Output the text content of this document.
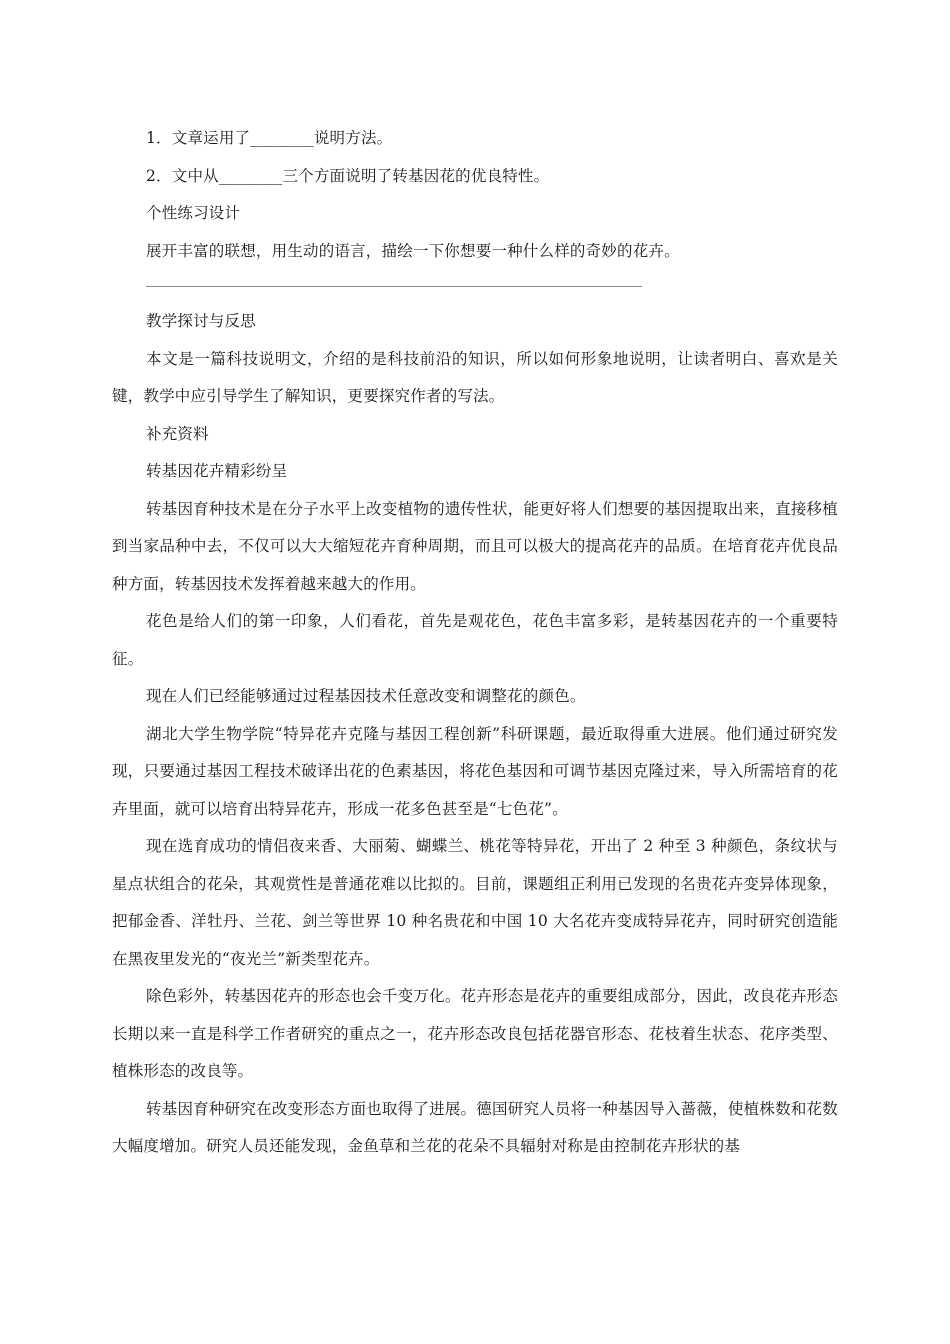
1．文章运用了________说明方法。

2．文中从________三个方面说明了转基因花的优良特性。

个性练习设计

展开丰富的联想，用生动的语言，描绘一下你想要一种什么样的奇妙的花卉。

教学探讨与反思

本文是一篇科技说明文，介绍的是科技前沿的知识，所以如何形象地说明，让读者明白、喜欢是关键，教学中应引导学生了解知识，更要探究作者的写法。

补充资料

转基因花卉精彩纷呈

转基因育种技术是在分子水平上改变植物的遗传性状，能更好将人们想要的基因提取出来，直接移植到当家品种中去，不仅可以大大缩短花卉育种周期，而且可以极大的提高花卉的品质。在培育花卉优良品种方面，转基因技术发挥着越来越大的作用。

花色是给人们的第一印象，人们看花，首先是观花色，花色丰富多彩，是转基因花卉的一个重要特征。

现在人们已经能够通过过程基因技术任意改变和调整花的颜色。

湖北大学生物学院“特异花卉克隆与基因工程创新”科研课题，最近取得重大进展。他们通过研究发现，只要通过基因工程技术破译出花的色素基因，将花色基因和可调节基因克隆过来，导入所需培育的花卉里面，就可以培育出特异花卉，形成一花多色甚至是“七色花”。

现在选育成功的情侣夜来香、大丽菊、蝴蝶兰、桃花等特异花，开出了 2 种至 3 种颜色，条纹状与星点状组合的花朵，其观赏性是普通花难以比拟的。目前，课题组正利用已发现的名贵花卉变异体现象，把郁金香、洋牡丹、兰花、剑兰等世界 10 种名贵花和中国 10 大名花卉变成特异花卉，同时研究创造能在黑夜里发光的“夜光兰”新类型花卉。

除色彩外，转基因花卉的形态也会千变万化。花卉形态是花卉的重要组成部分，因此，改良花卉形态长期以来一直是科学工作者研究的重点之一，花卉形态改良包括花器官形态、花枝着生状态、花序类型、植株形态的改良等。

转基因育种研究在改变形态方面也取得了进展。德国研究人员将一种基因导入蔷薇，使植株数和花数大幅度增加。研究人员还能发现，金鱼草和兰花的花朵不具辐射对称是由控制花卉形状的基
